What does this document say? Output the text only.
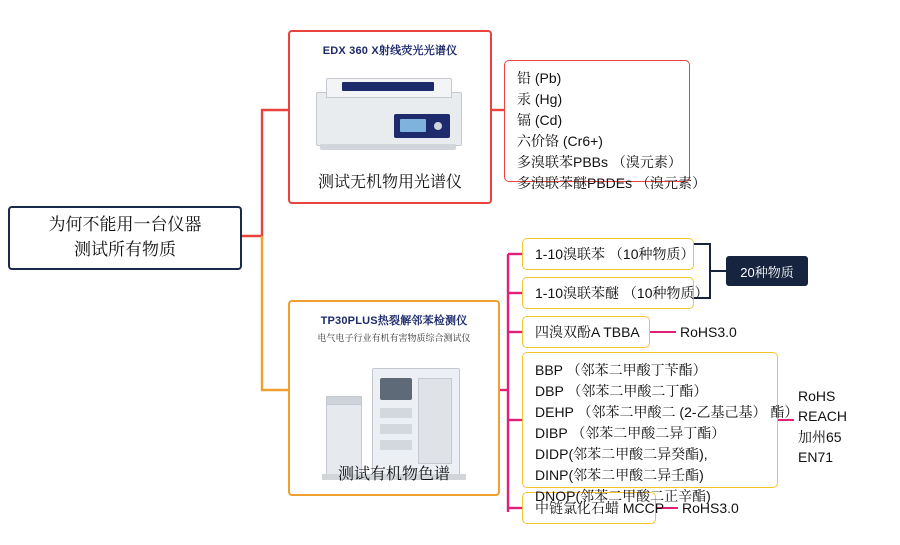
为何不能用一台仪器
测试所有物质
EDX 360 X射线荧光光谱仪
测试无机物用光谱仪
铅 (Pb)
汞 (Hg)
镉 (Cd)
六价铬 (Cr6+)
多溴联苯PBBs （溴元素）
多溴联苯醚PBDEs （溴元素）
TP30PLUS热裂解邻苯检测仪
电气电子行业有机有害物质综合测试仪
测试有机物色谱
1-10溴联苯 （10种物质）
1-10溴联苯醚 （10种物质）
四溴双酚A TBBA
中链氯化石蜡 MCCP
BBP （邻苯二甲酸丁苄酯）
DBP （邻苯二甲酸二丁酯）
DEHP （邻苯二甲酸二 (2-乙基己基） 酯）
DIBP （邻苯二甲酸二异丁酯）
DIDP(邻苯二甲酸二异癸酯),
DINP(邻苯二甲酸二异壬酯)
DNOP(邻苯二甲酸二正辛酯)
20种物质
RoHS3.0
RoHS3.0
RoHS
REACH
加州65
EN71
